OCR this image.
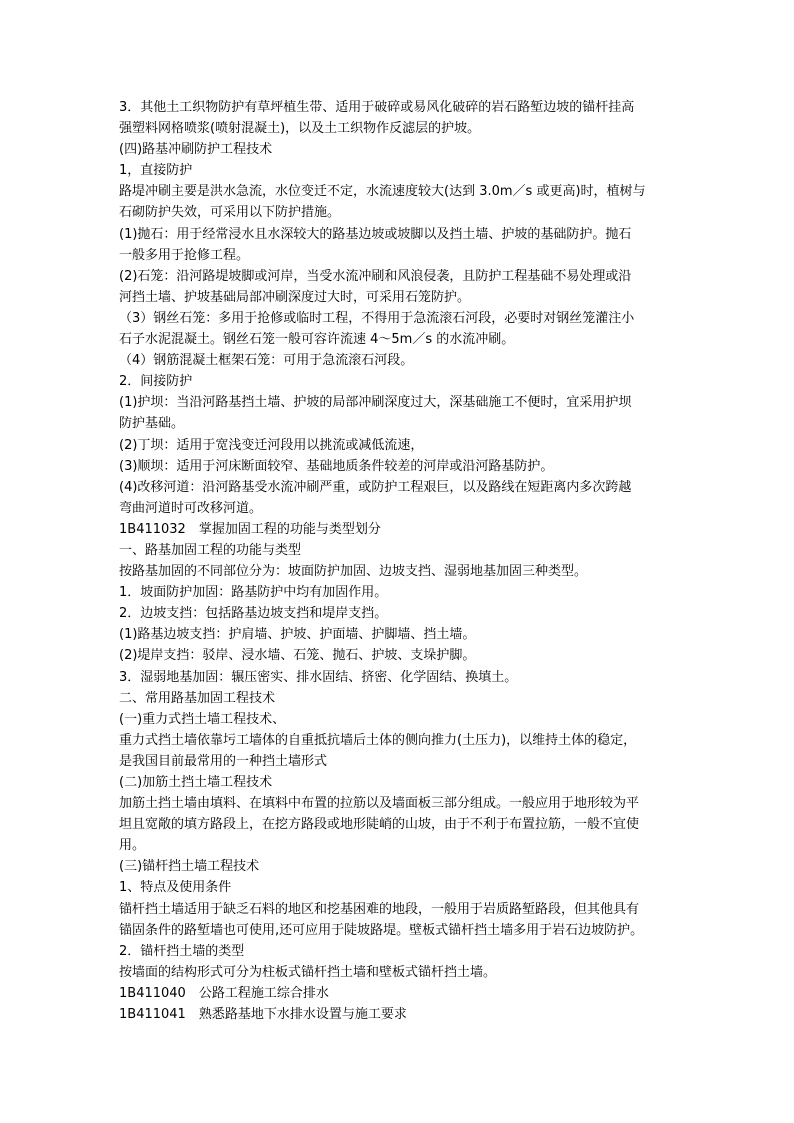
3．其他土工织物防护有草坪植生带、适用于破碎或易风化破碎的岩石路堑边坡的锚杆挂高
强塑料网格喷浆(喷射混凝土)，以及土工织物作反滤层的护坡。
(四)路基冲刷防护工程技术
1，直接防护
路堤冲刷主要是洪水急流，水位变迁不定，水流速度较大(达到 3.0m／s 或更高)时，植树与
石砌防护失效，可采用以下防护措施。
(1)抛石：用于经常浸水且水深较大的路基边坡或坡脚以及挡土墙、护坡的基础防护。抛石
一般多用于抢修工程。
(2)石笼：沿河路堤坡脚或河岸，当受水流冲刷和风浪侵袭，且防护工程基础不易处理或沿
河挡土墙、护坡基础局部冲刷深度过大时，可采用石笼防护。
（3）钢丝石笼：多用于抢修或临时工程，不得用于急流滚石河段，必要时对钢丝笼灌注小
石子水泥混凝土。钢丝石笼一般可容许流速 4～5m／s 的水流冲刷。
（4）钢筋混凝土框架石笼：可用于急流滚石河段。
2．间接防护
(1)护坝：当沿河路基挡土墙、护坡的局部冲刷深度过大，深基础施工不便时，宜采用护坝
防护基础。
(2)丁坝：适用于宽浅变迁河段用以挑流或减低流速，
(3)顺坝：适用于河床断面较窄、基础地质条件较差的河岸或沿河路基防护。
(4)改移河道：沿河路基受水流冲刷严重，或防护工程艰巨，以及路线在短距离内多次跨越
弯曲河道时可改移河道。
1B411032　掌握加固工程的功能与类型划分
一、路基加固工程的功能与类型
按路基加固的不同部位分为：坡面防护加固、边坡支挡、湿弱地基加固三种类型。
1．坡面防护加固：路基防护中均有加固作用。
2．边坡支挡：包括路基边坡支挡和堤岸支挡。
(1)路基边坡支挡：护肩墙、护坡、护面墙、护脚墙、挡土墙。
(2)堤岸支挡：驳岸、浸水墙、石笼、抛石、护坡、支垛护脚。
3．湿弱地基加固：辗压密实、排水固结、挤密、化学固结、换填土。
二、常用路基加固工程技术
(一)重力式挡土墙工程技术、
重力式挡土墙依靠圬工墙体的自重抵抗墙后土体的侧向推力(土压力)，以维持土体的稳定，
是我国目前最常用的一种挡土墙形式
(二)加筋土挡土墙工程技术
加筋土挡土墙由填料、在填料中布置的拉筋以及墙面板三部分组成。一般应用于地形较为平
坦且宽敞的填方路段上，在挖方路段或地形陡峭的山坡，由于不利于布置拉筋，一般不宜使
用。
(三)锚杆挡土墙工程技术
1、特点及使用条件
锚杆挡土墙适用于缺乏石料的地区和挖基困难的地段，一般用于岩质路堑路段，但其他具有
锚固条件的路堑墙也可使用,还可应用于陡坡路堤。壁板式锚杆挡土墙多用于岩石边坡防护。
2．锚杆挡土墙的类型
按墙面的结构形式可分为柱板式锚杆挡土墙和壁板式锚杆挡土墙。
1B411040　公路工程施工综合排水
1B411041　熟悉路基地下水排水设置与施工要求
